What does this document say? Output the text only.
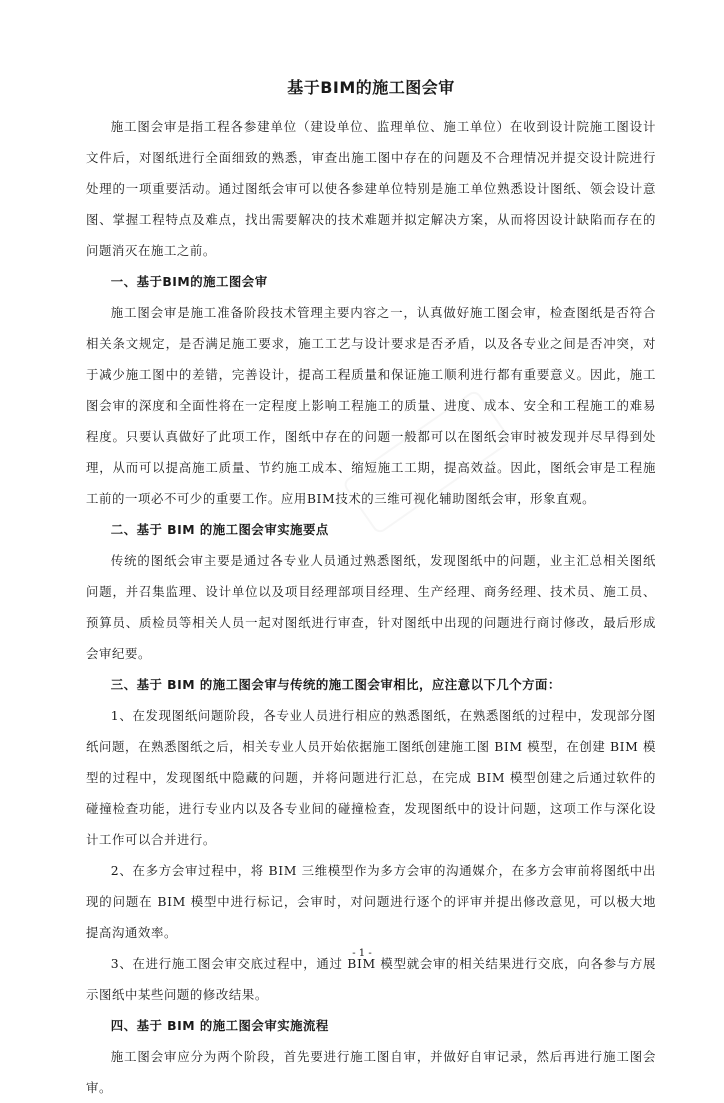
基于BIM的施工图会审

施工图会审是指工程各参建单位（建设单位、监理单位、施工单位）在收到设计院施工图设计文件后，对图纸进行全面细致的熟悉，审查出施工图中存在的问题及不合理情况并提交设计院进行处理的一项重要活动。通过图纸会审可以使各参建单位特别是施工单位熟悉设计图纸、领会设计意图、掌握工程特点及难点，找出需要解决的技术难题并拟定解决方案，从而将因设计缺陷而存在的问题消灭在施工之前。

一、基于BIM的施工图会审

施工图会审是施工准备阶段技术管理主要内容之一，认真做好施工图会审，检查图纸是否符合相关条文规定，是否满足施工要求，施工工艺与设计要求是否矛盾，以及各专业之间是否冲突，对于减少施工图中的差错，完善设计，提高工程质量和保证施工顺利进行都有重要意义。因此，施工图会审的深度和全面性将在一定程度上影响工程施工的质量、进度、成本、安全和工程施工的难易程度。只要认真做好了此项工作，图纸中存在的问题一般都可以在图纸会审时被发现并尽早得到处理，从而可以提高施工质量、节约施工成本、缩短施工工期，提高效益。因此，图纸会审是工程施工前的一项必不可少的重要工作。应用BIM技术的三维可视化辅助图纸会审，形象直观。

二、基于 BIM 的施工图会审实施要点

传统的图纸会审主要是通过各专业人员通过熟悉图纸，发现图纸中的问题，业主汇总相关图纸问题，并召集监理、设计单位以及项目经理部项目经理、生产经理、商务经理、技术员、施工员、预算员、质检员等相关人员一起对图纸进行审查，针对图纸中出现的问题进行商讨修改，最后形成会审纪要。

三、基于 BIM 的施工图会审与传统的施工图会审相比，应注意以下几个方面：

1、在发现图纸问题阶段，各专业人员进行相应的熟悉图纸，在熟悉图纸的过程中，发现部分图纸问题，在熟悉图纸之后，相关专业人员开始依据施工图纸创建施工图 BIM 模型，在创建 BIM 模型的过程中，发现图纸中隐藏的问题，并将问题进行汇总，在完成 BIM 模型创建之后通过软件的碰撞检查功能，进行专业内以及各专业间的碰撞检查，发现图纸中的设计问题，这项工作与深化设计工作可以合并进行。

2、在多方会审过程中，将 BIM 三维模型作为多方会审的沟通媒介，在多方会审前将图纸中出现的问题在 BIM 模型中进行标记，会审时，对问题进行逐个的评审并提出修改意见，可以极大地提高沟通效率。

3、在进行施工图会审交底过程中，通过 BIM 模型就会审的相关结果进行交底，向各参与方展示图纸中某些问题的修改结果。

四、基于 BIM 的施工图会审实施流程

施工图会审应分为两个阶段，首先要进行施工图自审，并做好自审记录，然后再进行施工图会审。

- 1 -
